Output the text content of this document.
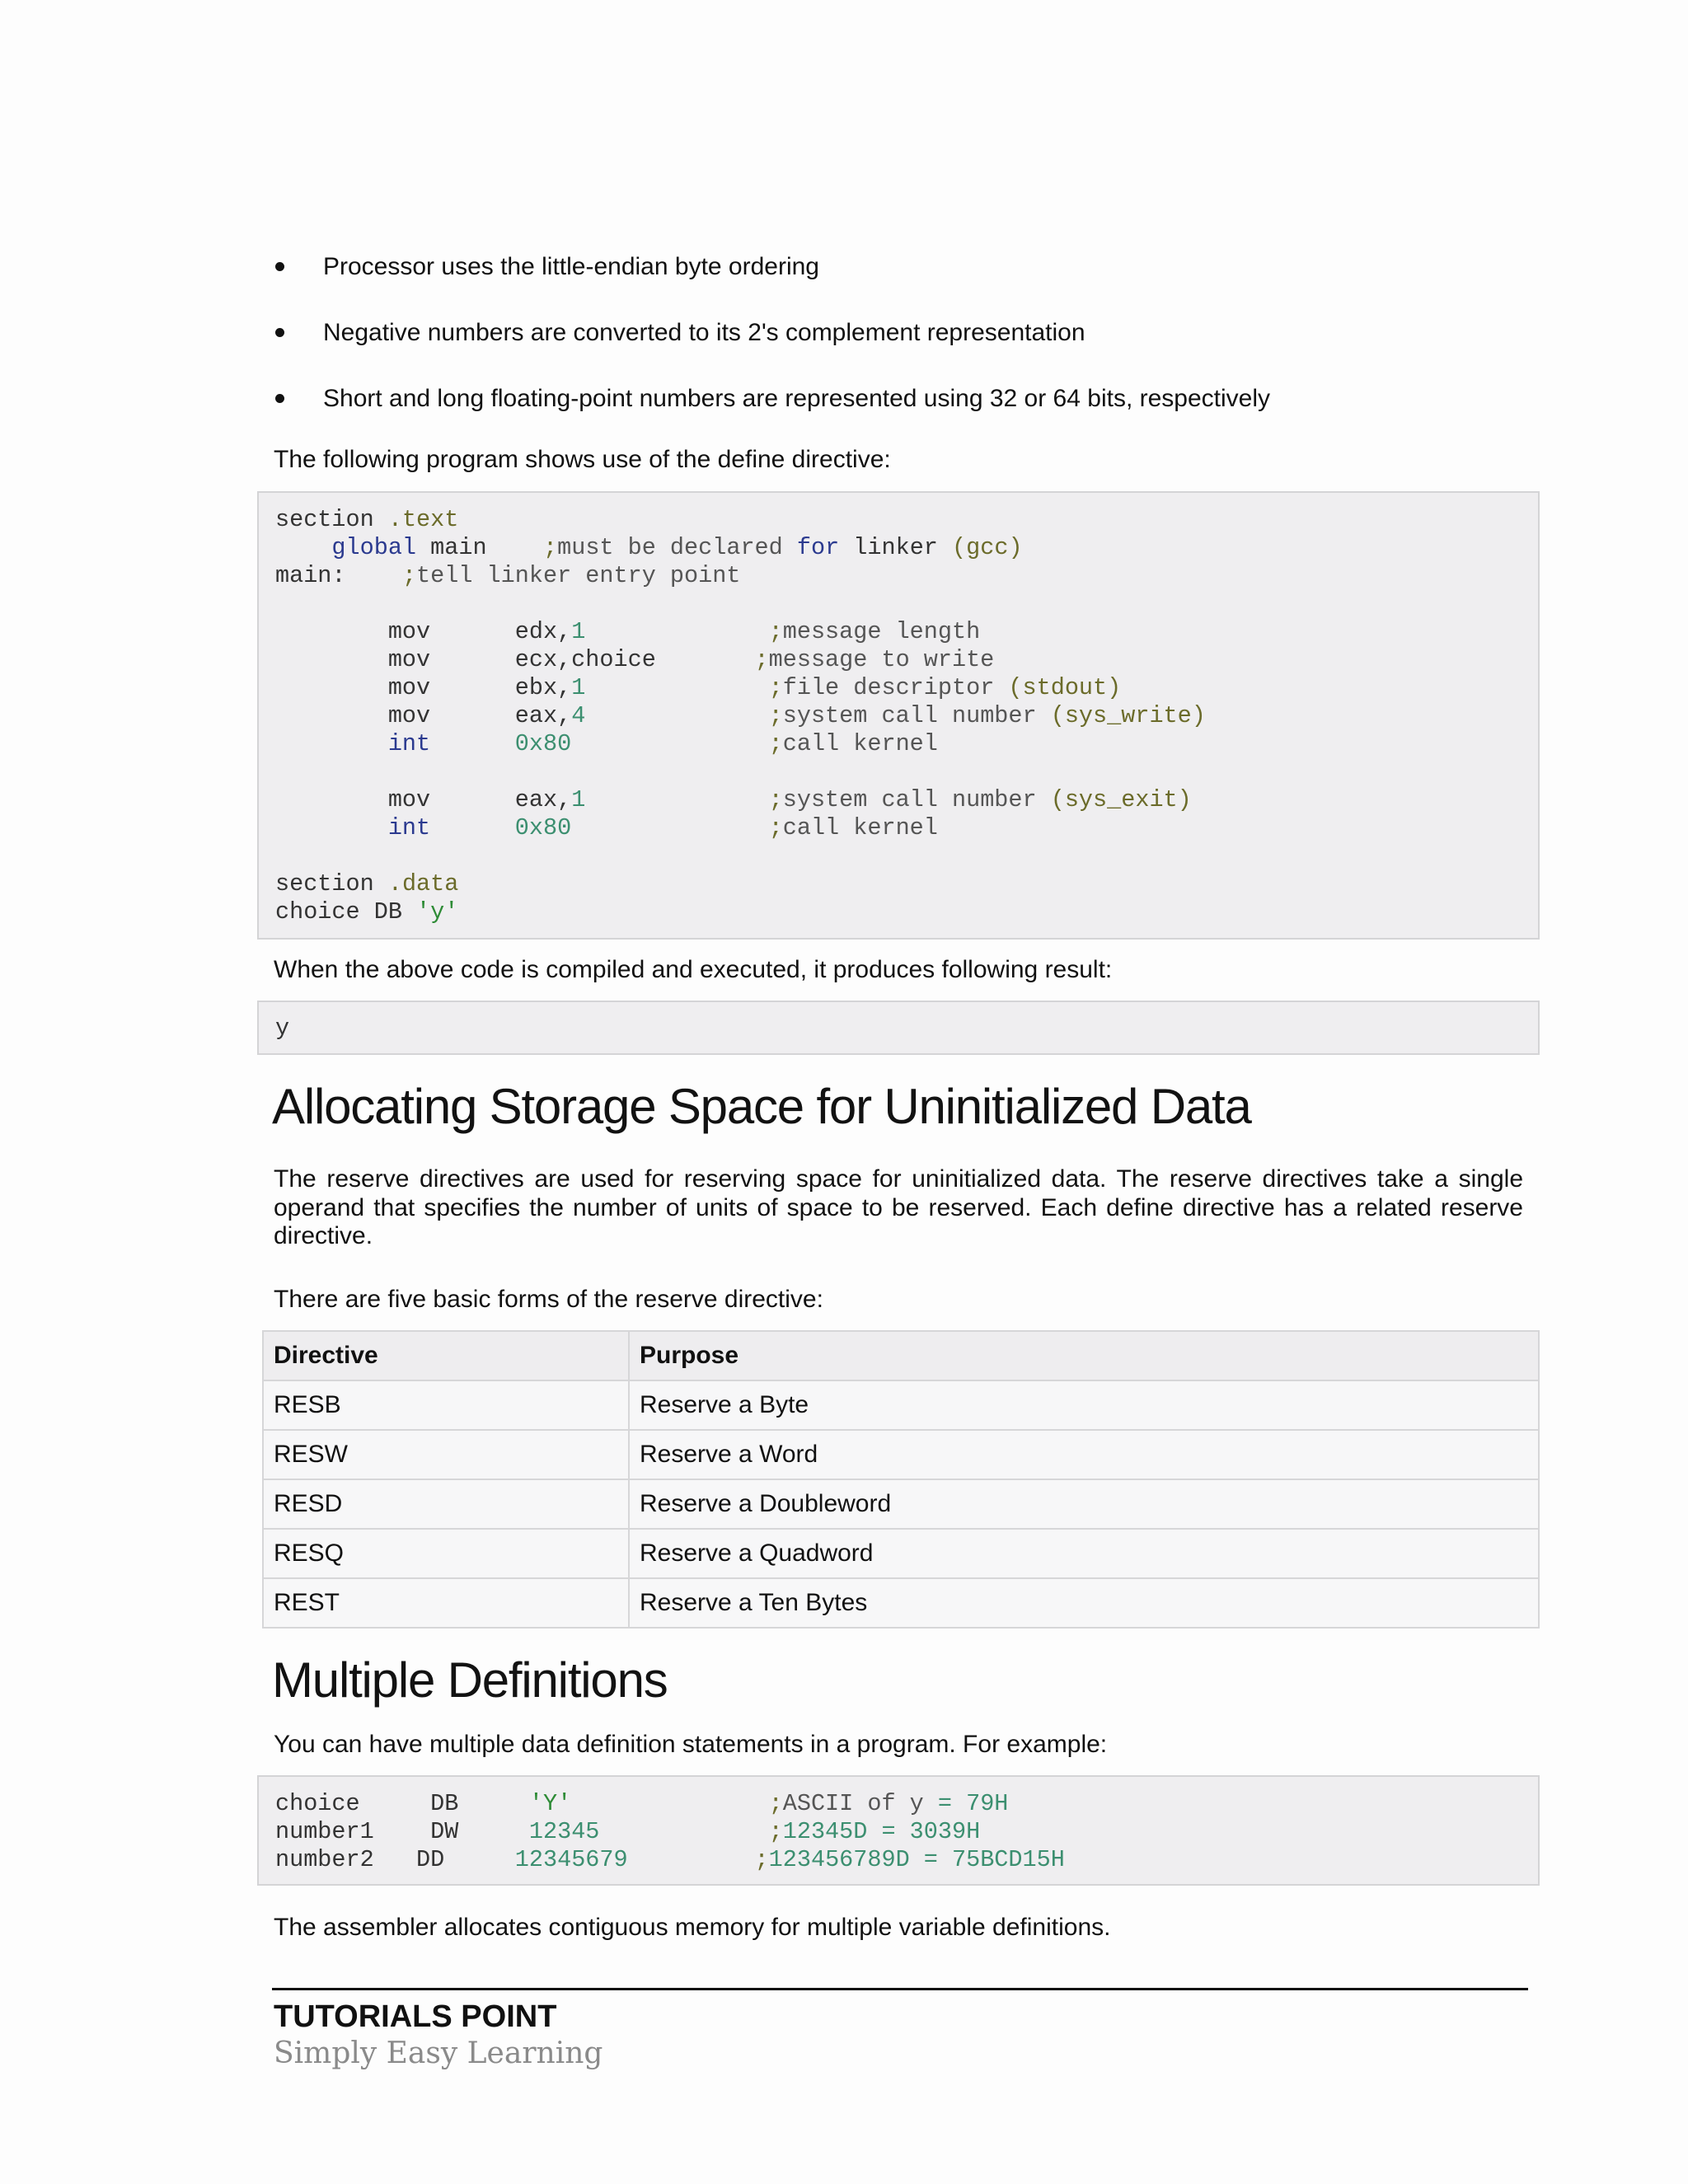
Processor uses the little-endian byte ordering
Negative numbers are converted to its 2's complement representation
Short and long floating-point numbers are represented using 32 or 64 bits, respectively

The following program shows use of the define directive:

section .text
global main ;must be declared for linker (gcc)
main: ;tell linker entry point
mov	edx,1	;message length
mov	ecx,choice	;message to write
mov	ebx,1	;file descriptor (stdout)
mov	eax,4	;system call number (sys_write)
int	0x80	;call kernel
mov	eax,1	;system call number (sys_exit)
int	0x80	;call kernel
section .data
choice DB 'y'

When the above code is compiled and executed, it produces following result:

y
Allocating Storage Space for Uninitialized Data

The reserve directives are used for reserving space for uninitialized data. The reserve directives take a single operand that specifies the number of units of space to be reserved. Each define directive has a related reserve directive.

There are five basic forms of the reserve directive:

Directive	Purpose
RESB	Reserve a Byte
RESW	Reserve a Word
RESD	Reserve a Doubleword
RESQ	Reserve a Quadword
REST	Reserve a Ten Bytes
Multiple Definitions

You can have multiple data definition statements in a program. For example:

choice	DB	'Y'	;ASCII of y = 79H
number1 DW	12345	;12345D = 3039H
number2 DD	12345679	;123456789D = 75BCD15H

The assembler allocates contiguous memory for multiple variable definitions.

TUTORIALS POINT
Simply Easy Learning
